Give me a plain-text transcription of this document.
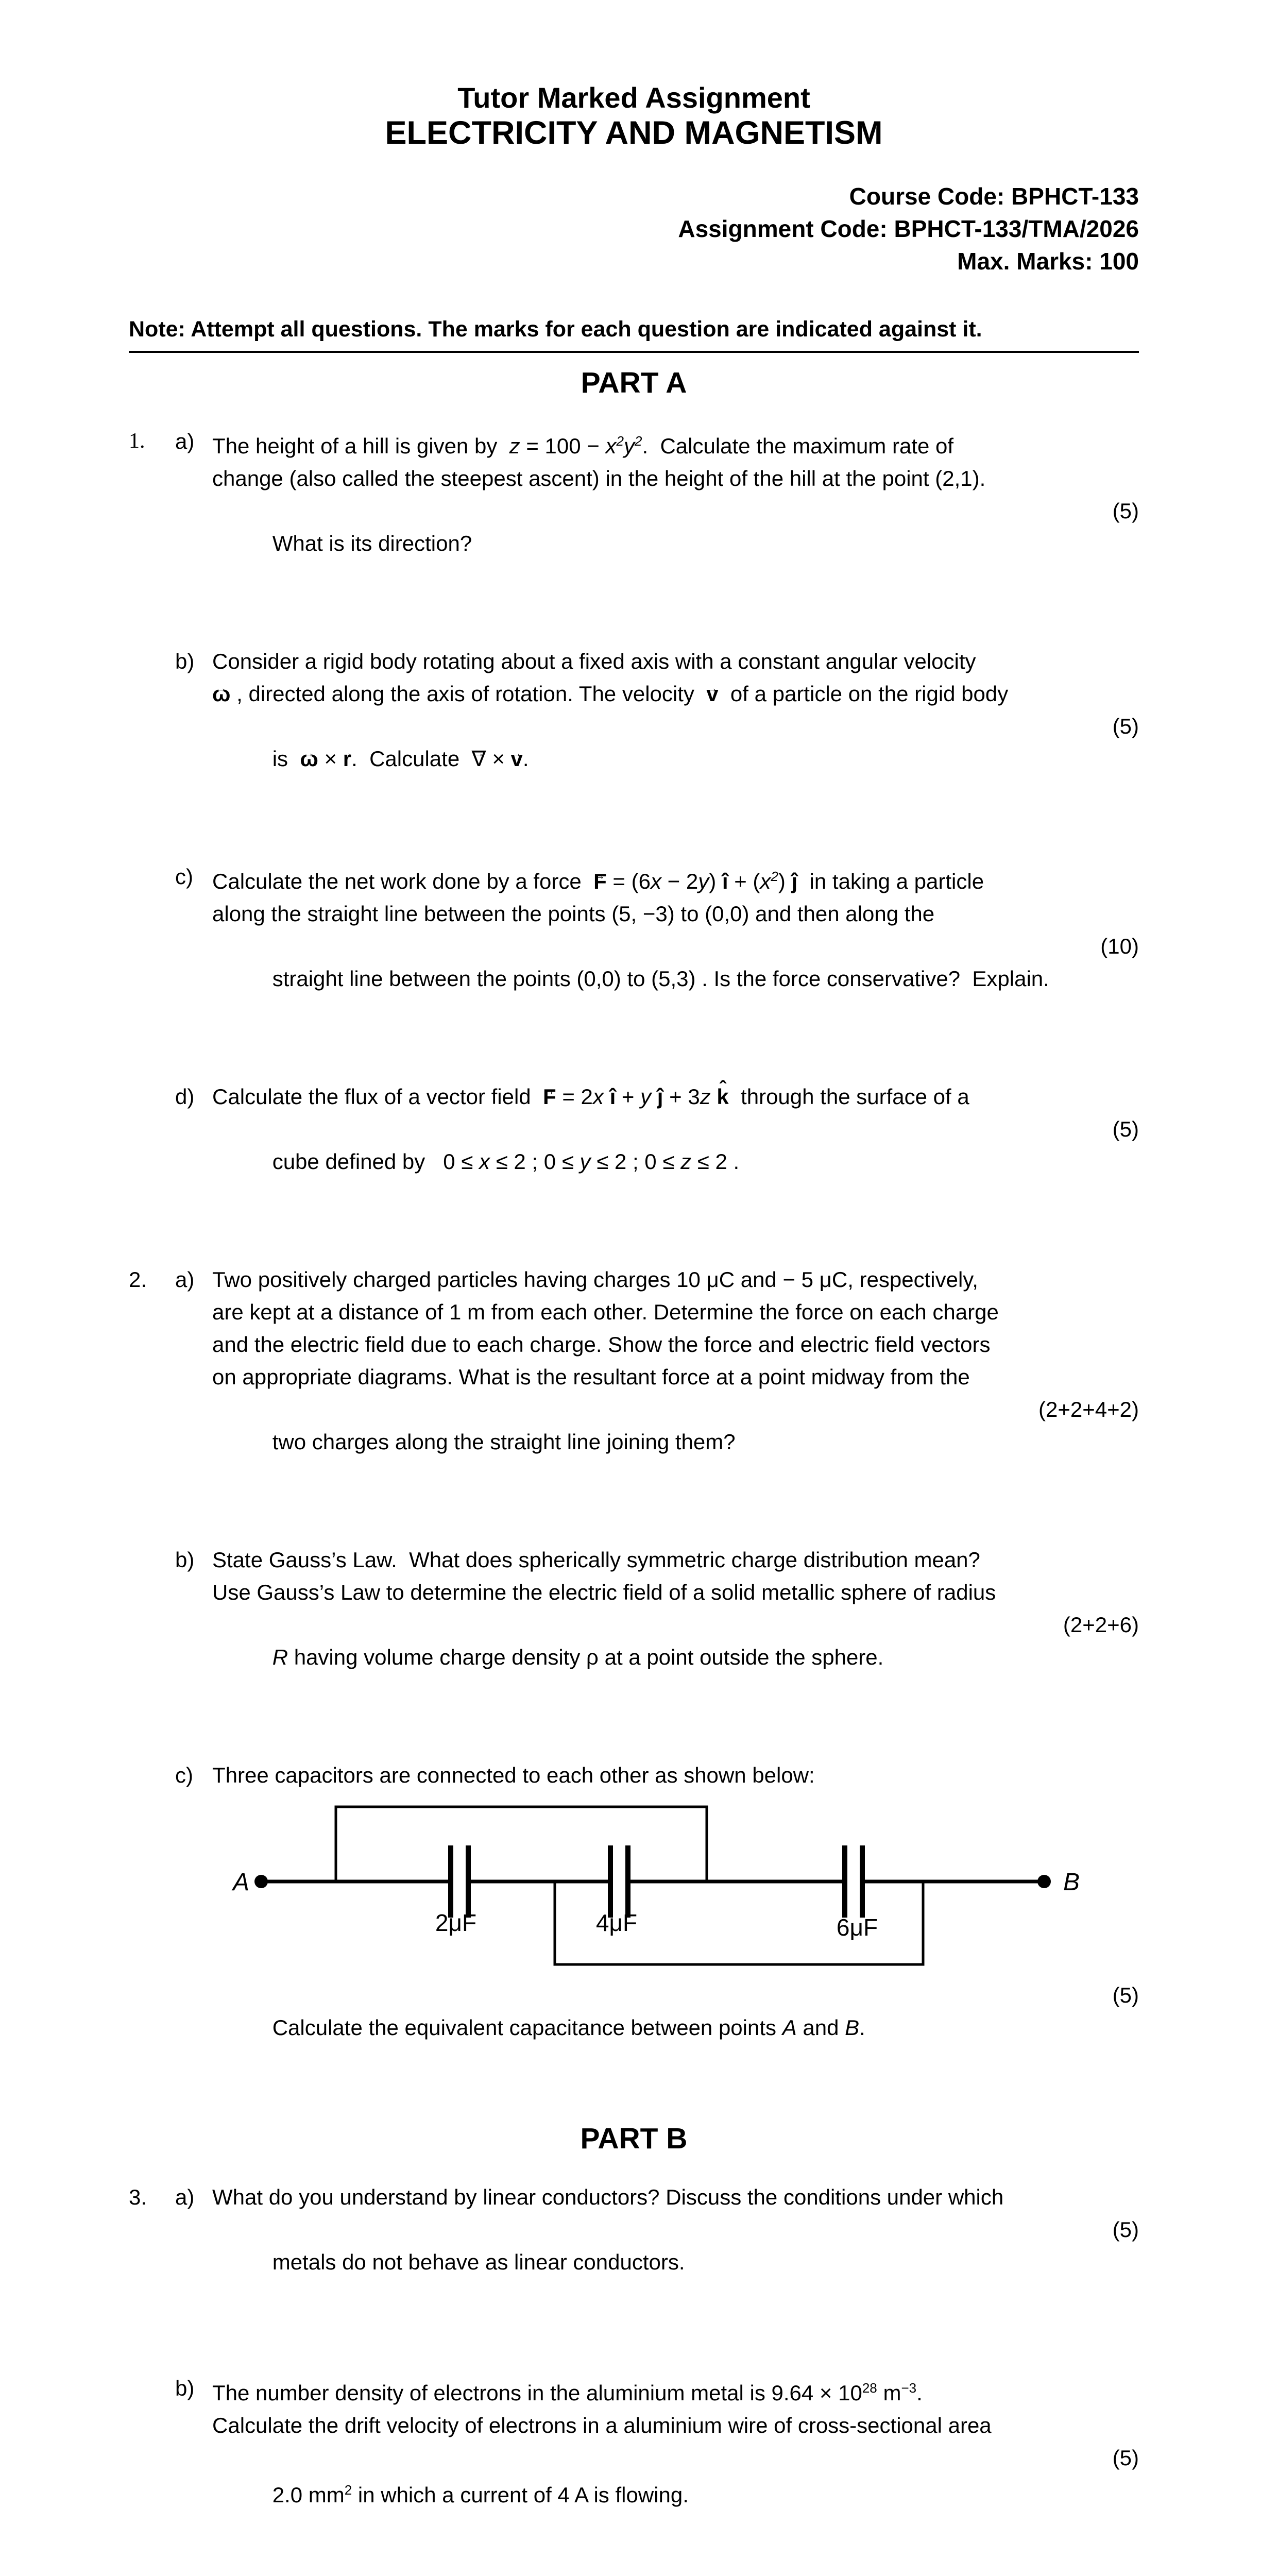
Tutor Marked Assignment
ELECTRICITY AND MAGNETISM
Course Code: BPHCT-133
Assignment Code: BPHCT-133/TMA/2026
Max. Marks: 100
Note: Attempt all questions. The marks for each question are indicated against it.
PART A
1.	a) The height of a hill is given by  $z = 100 - x^2y^2$.  Calculate the maximum rate of
change (also called the steepest ascent) in the height of the hill at the point (2,1).

What is its direction?

(5)

b) Consider a rigid body rotating about a fixed axis with a constant angular velocity
ω → , directed along the axis of rotation. The velocity  v →  of a particle on the rigid body

is  ω → × r →.  Calculate  ∇ → × v →.

(5)

c) Calculate the net work done by a force  F → = (6x − 2y) î + $(x^2)$ ĵ  in taking a particle
along the straight line between the points (5, −3) to (0,0) and then along the

straight line between the points (0,0) to (5,3) . Is the force conservative?  Explain.

(10)

d) Calculate the flux of a vector field  F → = 2x î + y ĵ + 3z k ˆ  through the surface of a

cube defined by   0 ≤ x ≤ 2 ; 0 ≤ y ≤ 2 ; 0 ≤ z ≤ 2 .

(5)

2.	a) Two positively charged particles having charges 10 μC and − 5 μC, respectively,
are kept at a distance of 1 m from each other. Determine the force on each charge
and the electric field due to each charge. Show the force and electric field vectors
on appropriate diagrams. What is the resultant force at a point midway from the

two charges along the straight line joining them?

(2+2+4+2)

b) State Gauss’s Law.  What does spherically symmetric charge distribution mean?
Use Gauss’s Law to determine the electric field of a solid metallic sphere of radius

R having volume charge density ρ at a point outside the sphere.

(2+2+6)

c) Three capacitors are connected to each other as shown below:
A	B
2μF	4μF	6μF

Calculate the equivalent capacitance between points A and B.

(5)

PART B
3.	a) What do you understand by linear conductors? Discuss the conditions under which

metals do not behave as linear conductors.

(5)

b) The number density of electrons in the aluminium metal is $9.64 \times 10^{28}$ $m^{-3}$.
Calculate the drift velocity of electrons in a aluminium wire of cross-sectional area

2.0 $mm^2$ in which a current of 4 A is flowing.

(5)
